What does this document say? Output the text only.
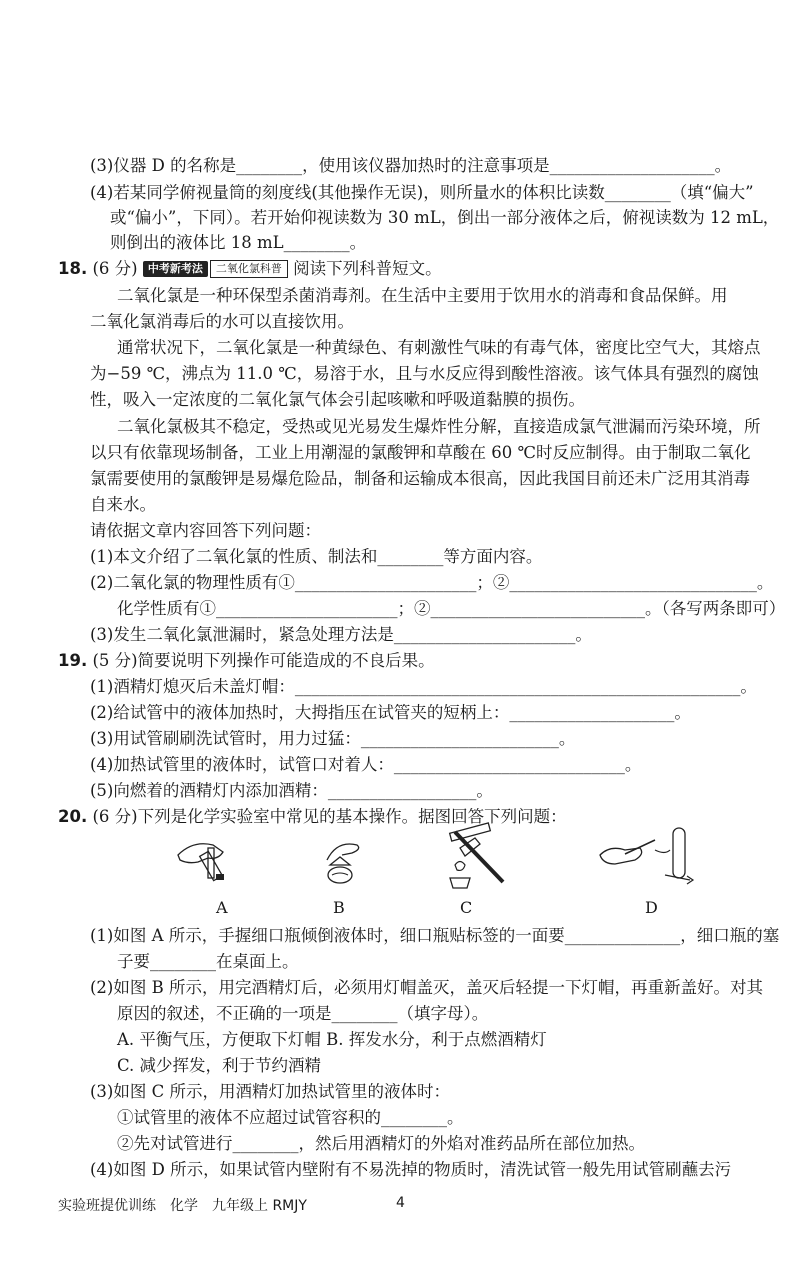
(3)仪器 D 的名称是________，使用该仪器加热时的注意事项是____________________。
(4)若某同学俯视量筒的刻度线(其他操作无误)，则所量水的体积比读数________（填“偏大”
或“偏小”，下同）。若开始仰视读数为 30 mL，倒出一部分液体之后，俯视读数为 12 mL，
则倒出的液体比 18 mL________。
18. (6 分) 中考新考法 二氧化氯科普 阅读下列科普短文。
二氧化氯是一种环保型杀菌消毒剂。在生活中主要用于饮用水的消毒和食品保鲜。用
二氧化氯消毒后的水可以直接饮用。
通常状况下，二氧化氯是一种黄绿色、有刺激性气味的有毒气体，密度比空气大，其熔点
为−59 ℃，沸点为 11.0 ℃，易溶于水，且与水反应得到酸性溶液。该气体具有强烈的腐蚀
性，吸入一定浓度的二氧化氯气体会引起咳嗽和呼吸道黏膜的损伤。
二氧化氯极其不稳定，受热或见光易发生爆炸性分解，直接造成氯气泄漏而污染环境，所
以只有依靠现场制备，工业上用潮湿的氯酸钾和草酸在 60 ℃时反应制得。由于制取二氧化
氯需要使用的氯酸钾是易爆危险品，制备和运输成本很高，因此我国目前还未广泛用其消毒
自来水。
请依据文章内容回答下列问题：
(1)本文介绍了二氧化氯的性质、制法和________等方面内容。
(2)二氧化氯的物理性质有①______________________；②______________________________。
化学性质有①______________________；②__________________________。（各写两条即可）
(3)发生二氧化氯泄漏时，紧急处理方法是______________________。
19. (5 分)简要说明下列操作可能造成的不良后果。
(1)酒精灯熄灭后未盖灯帽：______________________________________________________。
(2)给试管中的液体加热时，大拇指压在试管夹的短柄上：____________________。
(3)用试管刷刷洗试管时，用力过猛：________________________。
(4)加热试管里的液体时，试管口对着人：____________________________。
(5)向燃着的酒精灯内添加酒精：__________________。
20. (6 分)下列是化学实验室中常见的基本操作。据图回答下列问题：
A	B	C	D
(1)如图 A 所示，手握细口瓶倾倒液体时，细口瓶贴标签的一面要______________，细口瓶的塞
子要________在桌面上。
(2)如图 B 所示，用完酒精灯后，必须用灯帽盖灭，盖灭后轻提一下灯帽，再重新盖好。对其
原因的叙述，不正确的一项是________（填字母）。
A. 平衡气压，方便取下灯帽 B. 挥发水分，利于点燃酒精灯
C. 减少挥发，利于节约酒精
(3)如图 C 所示，用酒精灯加热试管里的液体时：
①试管里的液体不应超过试管容积的________。
②先对试管进行________，然后用酒精灯的外焰对准药品所在部位加热。
(4)如图 D 所示，如果试管内壁附有不易洗掉的物质时，清洗试管一般先用试管刷蘸去污
实验班提优训练　化学　九年级上 RMJY	4
